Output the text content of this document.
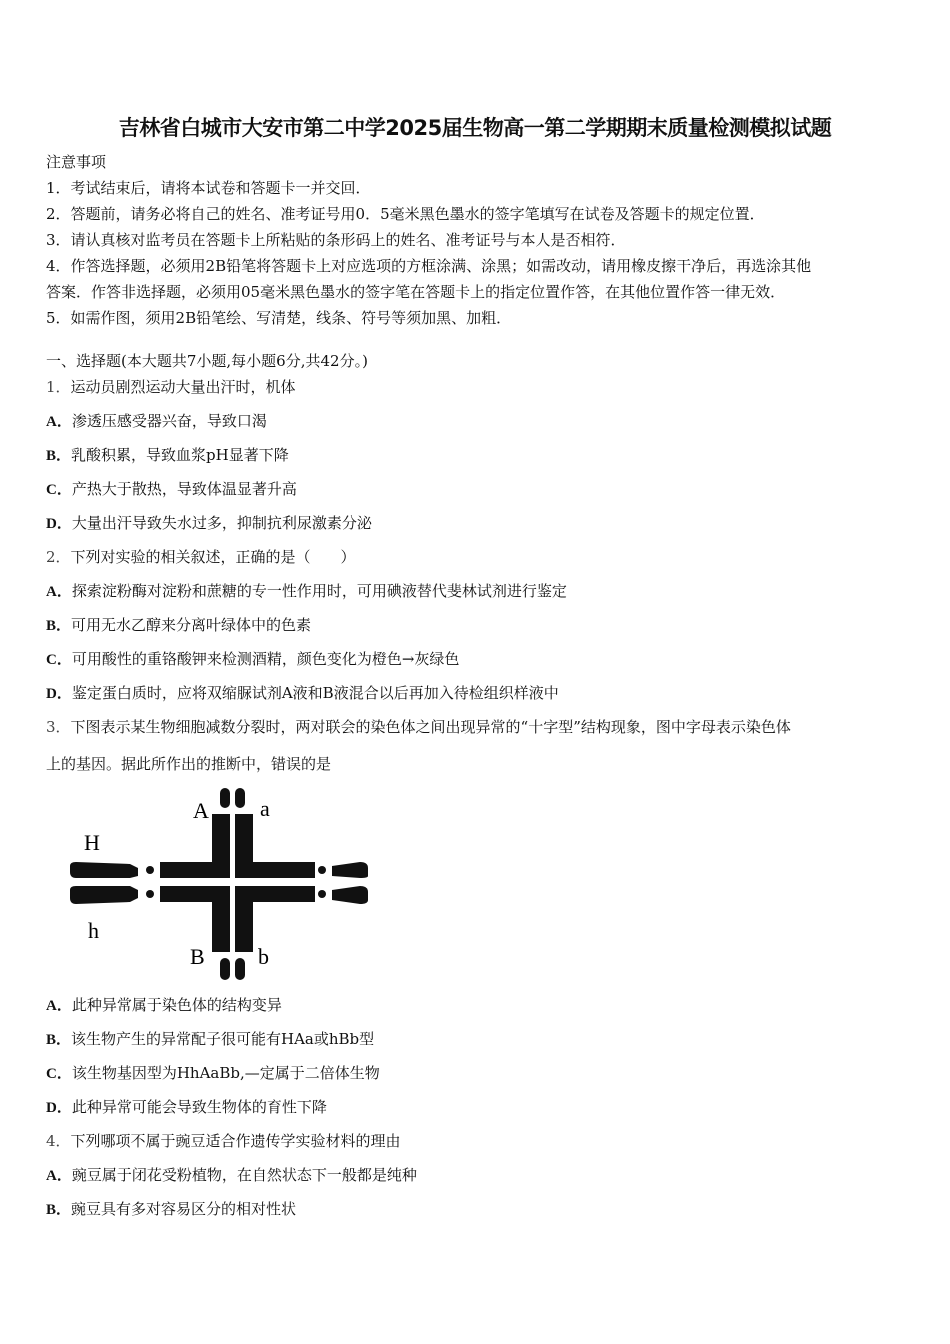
吉林省白城市大安市第二中学2025届生物高一第二学期期末质量检测模拟试题
注意事项
1．考试结束后，请将本试卷和答题卡一并交回．
2．答题前，请务必将自己的姓名、准考证号用0．5毫米黑色墨水的签字笔填写在试卷及答题卡的规定位置．
3．请认真核对监考员在答题卡上所粘贴的条形码上的姓名、准考证号与本人是否相符．
4．作答选择题，必须用2B铅笔将答题卡上对应选项的方框涂满、涂黑；如需改动，请用橡皮擦干净后，再选涂其他
答案．作答非选择题，必须用05毫米黑色墨水的签字笔在答题卡上的指定位置作答，在其他位置作答一律无效．
5．如需作图，须用2B铅笔绘、写清楚，线条、符号等须加黑、加粗．
一、选择题(本大题共7小题,每小题6分,共42分。)
1．运动员剧烈运动大量出汗时，机体
A．渗透压感受器兴奋，导致口渴
B．乳酸积累，导致血浆pH显著下降
C．产热大于散热，导致体温显著升高
D．大量出汗导致失水过多，抑制抗利尿激素分泌
2．下列对实验的相关叙述，正确的是（　　）
A．探索淀粉酶对淀粉和蔗糖的专一性作用时，可用碘液替代斐林试剂进行鉴定
B．可用无水乙醇来分离叶绿体中的色素
C．可用酸性的重铬酸钾来检测酒精，颜色变化为橙色→灰绿色
D．鉴定蛋白质时，应将双缩脲试剂A液和B液混合以后再加入待检组织样液中
3．下图表示某生物细胞减数分裂时，两对联会的染色体之间出现异常的“十字型”结构现象，图中字母表示染色体
上的基因。据此所作出的推断中，错误的是
A a
H
h
B b
A．此种异常属于染色体的结构变异
B．该生物产生的异常配子很可能有HAa或hBb型
C．该生物基因型为HhAaBb,—定属于二倍体生物
D．此种异常可能会导致生物体的育性下降
4．下列哪项不属于豌豆适合作遗传学实验材料的理由
A．豌豆属于闭花受粉植物，在自然状态下一般都是纯种
B．豌豆具有多对容易区分的相对性状
